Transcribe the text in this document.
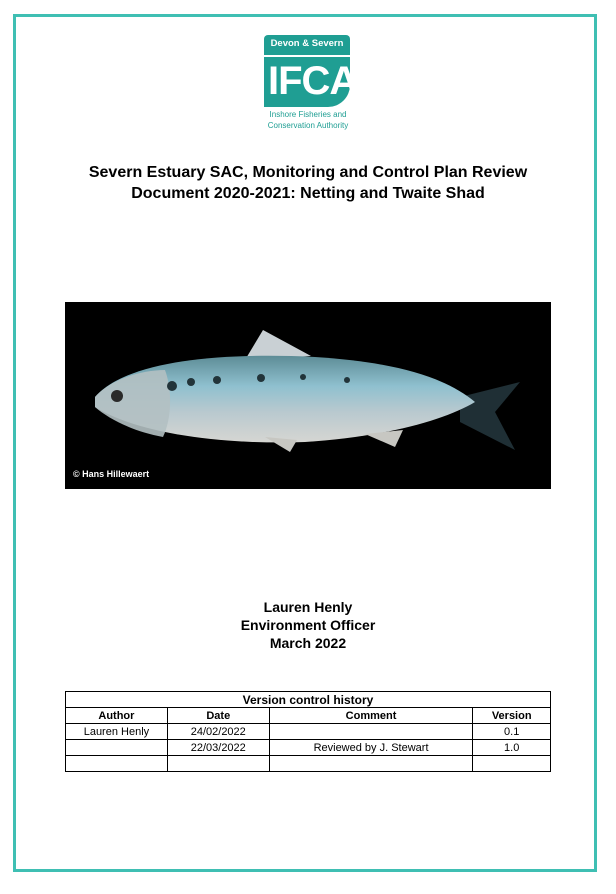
Devon & Severn
IFCA
Inshore Fisheries and
Conservation Authority
Severn Estuary SAC, Monitoring and Control Plan Review
Document 2020-2021: Netting and Twaite Shad
© Hans Hillewaert
Lauren Henly
Environment Officer
March 2022
Version control history			
Author	Date	Comment	Version
Lauren Henly	24/02/2022		0.1
	22/03/2022	Reviewed by J. Stewart	1.0
